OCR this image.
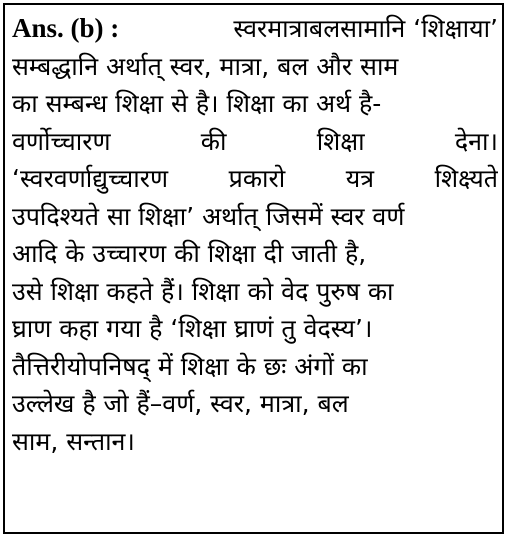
Ans. (b) :	स्वरमात्राबलसामानि ‘शिक्षाया’
सम्बद्धानि अर्थात् स्वर, मात्रा, बल और साम
का सम्बन्ध शिक्षा से है। शिक्षा का अर्थ है-
वर्णोच्चारण	की	शिक्षा	देना।
‘स्वरवर्णाद्युच्चारण प्रकारो यत्र शिक्ष्यते
उपदिश्यते सा शिक्षा’ अर्थात् जिसमें स्वर वर्ण
आदि के उच्चारण की शिक्षा दी जाती है,
उसे शिक्षा कहते हैं। शिक्षा को वेद पुरुष का
घ्राण कहा गया है ‘शिक्षा घ्राणं तु वेदस्य’।
तैत्तिरीयोपनिषद् में शिक्षा के छः अंगों का
उल्लेख है जो हैं–वर्ण, स्वर, मात्रा, बल
साम, सन्तान।
